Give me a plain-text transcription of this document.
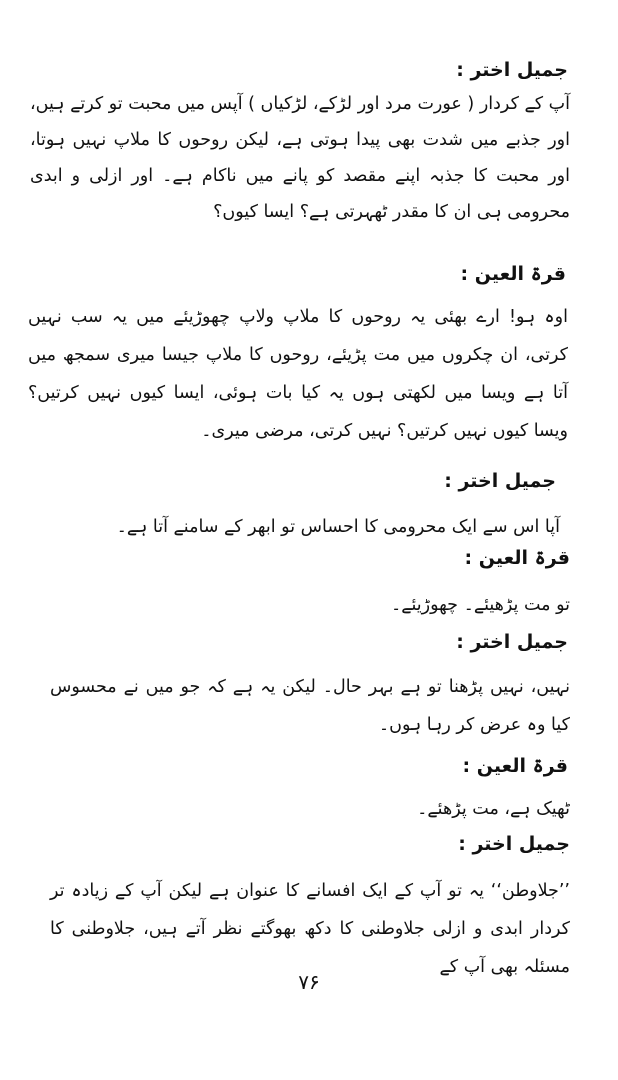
جمیل اختر :
آپ کے کردار ( عورت مرد اور لڑکے، لڑکیاں ) آپس میں محبت تو کرتے ہیں، اور جذبے میں شدت بھی پیدا ہوتی ہے، لیکن روحوں کا ملاپ نہیں ہوتا، اور محبت کا جذبہ اپنے مقصد کو پانے میں ناکام ہے۔ اور ازلی و ابدی محرومی ہی ان کا مقدر ٹھہرتی ہے؟ ایسا کیوں؟
قرۃ العین :
اوہ ہو! ارے بھئی یہ روحوں کا ملاپ ولاپ چھوڑیئے میں یہ سب نہیں کرتی، ان چکروں میں مت پڑیئے، روحوں کا ملاپ جیسا میری سمجھ میں آتا ہے ویسا میں لکھتی ہوں یہ کیا بات ہوئی، ایسا کیوں نہیں کرتیں؟ ویسا کیوں نہیں کرتیں؟ نہیں کرتی، مرضی میری۔
جمیل اختر :
آپا اس سے ایک محرومی کا احساس تو ابھر کے سامنے آتا ہے۔
قرۃ العین :
تو مت پڑھیئے۔ چھوڑیئے۔
جمیل اختر :
نہیں، نہیں پڑھنا تو ہے بہر حال۔ لیکن یہ ہے کہ جو میں نے محسوس کیا وہ عرض کر رہا ہوں۔
قرۃ العین :
ٹھیک ہے، مت پڑھئے۔
جمیل اختر :
’’جلاوطن‘‘ یہ تو آپ کے ایک افسانے کا عنوان ہے لیکن آپ کے زیادہ تر کردار ابدی و ازلی جلاوطنی کا دکھ بھوگتے نظر آتے ہیں، جلاوطنی کا مسئلہ بھی آپ کے
۷۶
